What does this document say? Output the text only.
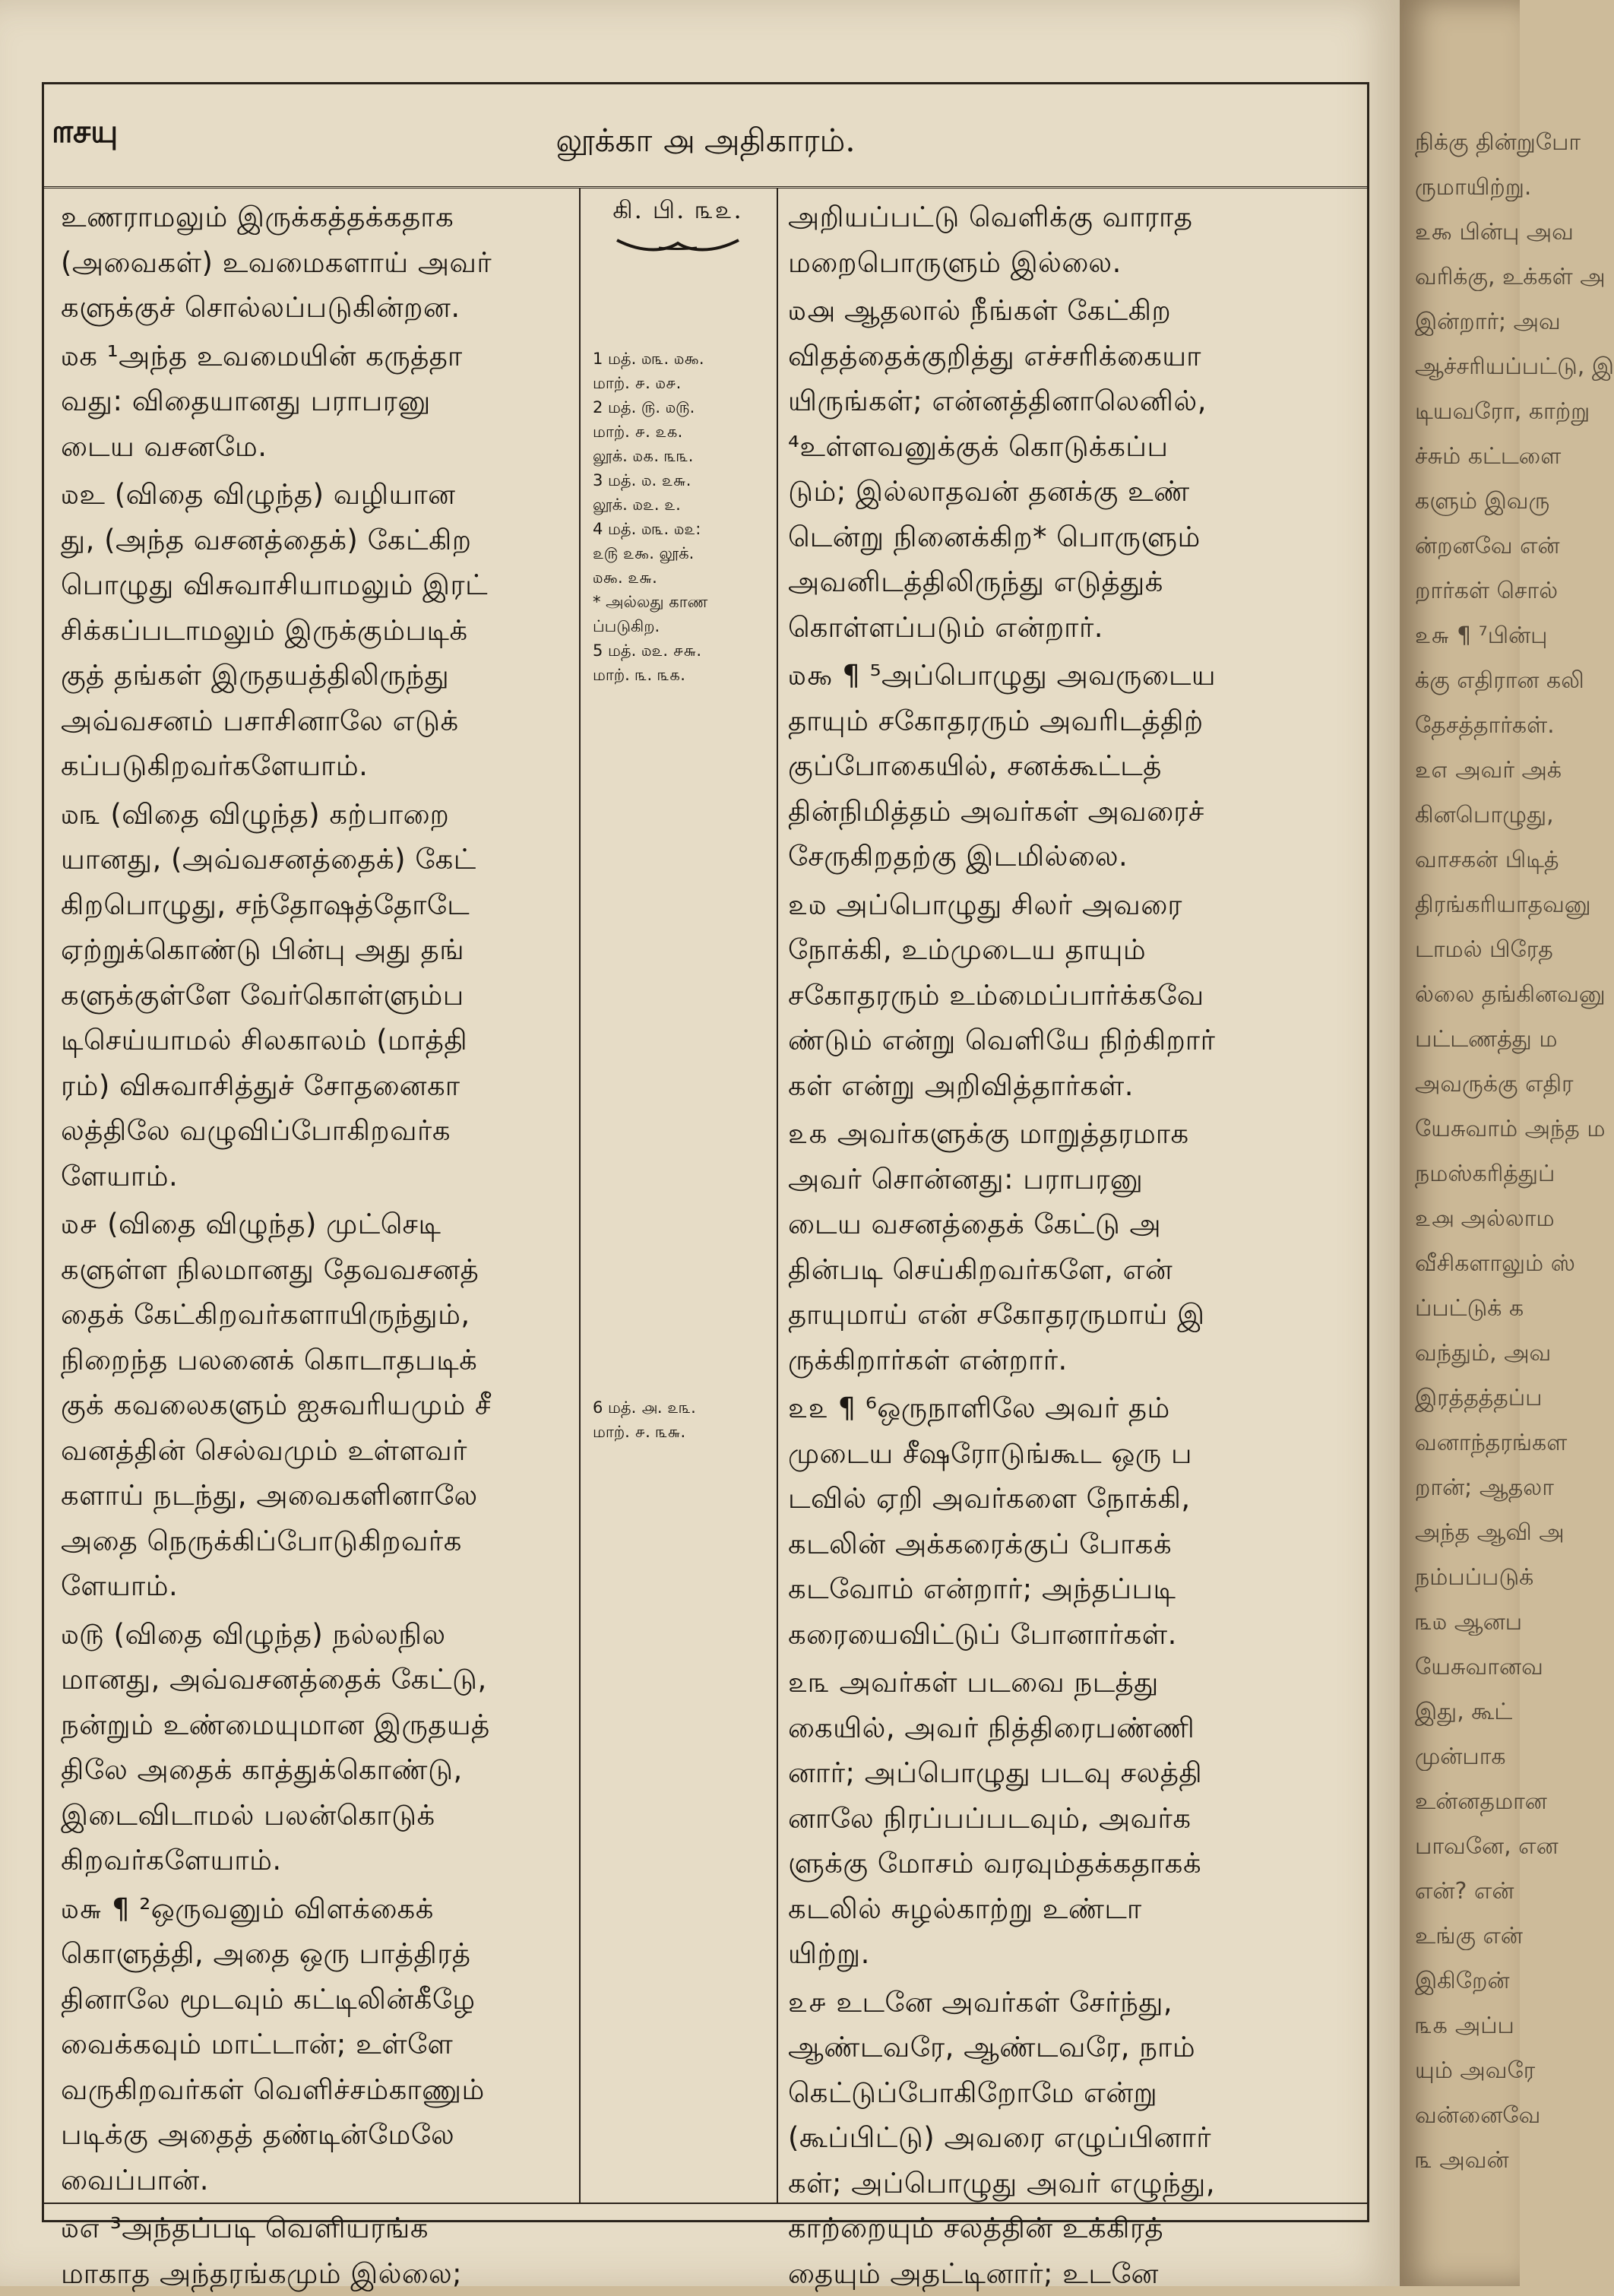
நிக்கு தின்றுபோ
ருமாயிற்று.
௨௯ பின்பு அவ
வரிக்கு, உக்கள் அ
இன்றார்; அவ
ஆச்சரியப்பட்டு, இ
டியவரோ, காற்று
ச்சும் கட்டளை
களும் இவரு
ன்றனவே என்
றார்கள் சொல்
௨௬ ¶ ⁷பின்பு
க்கு எதிரான கலி
தேசத்தார்கள்.
௨௭ அவர் அக்
கினபொழுது,
வாசகன் பிடித்
திரங்கரியாதவனு
டாமல் பிரேத
ல்லை தங்கினவனு
பட்டணத்து ம
அவருக்கு எதிர
யேசுவாம் அந்த ம
நமஸ்கரித்துப்
௨௮ அல்லாம
வீசிகளாலும் ஸ்
ப்பட்டுக் க
வந்தும், அவ
இரத்தத்தப்ப
வனாந்தரங்கள
றான்; ஆதலா
அந்த ஆவி அ
நம்பப்படுக்
௩௰ ஆனப
யேசுவானவ
இது, கூட்
முன்பாக
உன்னதமான
பாவனே, என
என்? என்
உங்கு என்
இகிறேன்
௩௧ அப்ப
யும் அவரே
வன்னைவே
௩ அவன்
௱சயு	லூக்கா ௮ அதிகாரம்.
உணராமலும் இருக்கத்தக்கதாக
(அவைகள்) உவமைகளாய் அவர்
களுக்குச் சொல்லப்படுகின்றன.
௰க ¹அந்த உவமையின் கருத்தா
வது: விதையானது பராபரனு
டைய வசனமே.
௰உ (விதை விழுந்த) வழியான
து, (அந்த வசனத்தைக்) கேட்கிற
பொழுது விசுவாசியாமலும் இரட்
சிக்கப்படாமலும் இருக்கும்படிக்
குத் தங்கள் இருதயத்திலிருந்து
அவ்வசனம் பசாசினாலே எடுக்
கப்படுகிறவர்களேயாம்.
௰௩ (விதை விழுந்த) கற்பாறை
யானது, (அவ்வசனத்தைக்) கேட்
கிறபொழுது, சந்தோஷத்தோடே
ஏற்றுக்கொண்டு பின்பு அது தங்
களுக்குள்ளே வேர்கொள்ளும்ப
டிசெய்யாமல் சிலகாலம் (மாத்தி
ரம்) விசுவாசித்துச் சோதனைகா
லத்திலே வழுவிப்போகிறவர்க
ளேயாம்.
௰௪ (விதை விழுந்த) முட்செடி
களுள்ள நிலமானது தேவவசனத்
தைக் கேட்கிறவர்களாயிருந்தும்,
நிறைந்த பலனைக் கொடாதபடிக்
குக் கவலைகளும் ஐசுவரியமும் சீ
வனத்தின் செல்வமும் உள்ளவர்
களாய் நடந்து, அவைகளினாலே
அதை நெருக்கிப்போடுகிறவர்க
ளேயாம்.
௰௫ (விதை விழுந்த) நல்லநில
மானது, அவ்வசனத்தைக் கேட்டு,
நன்றும் உண்மையுமான இருதயத்
திலே அதைக் காத்துக்கொண்டு,
இடைவிடாமல் பலன்கொடுக்
கிறவர்களேயாம்.
௰௬ ¶ ²ஒருவனும் விளக்கைக்
கொளுத்தி, அதை ஒரு பாத்திரத்
தினாலே மூடவும் கட்டிலின்கீழே
வைக்கவும் மாட்டான்; உள்ளே
வருகிறவர்கள் வெளிச்சம்காணும்
படிக்கு அதைத் தண்டின்மேலே
வைப்பான்.
௰௭ ³அந்தப்படி வெளியரங்க
மாகாத அந்தரங்கமும் இல்லை;
கி. பி. ௩௨.
1 மத். ௰௩. ௰௯.
மாற். ௪. ௰௪.
2 மத். ௫. ௰௫.
மாற். ௪. ௨௧.
லூக். ௰௧. ௩௩.
3 மத். ௰. ௨௬.
லூக். ௰௨. ௨.
4 மத். ௰௩. ௰௨:
௨௫ ௨௯. லூக்.
௰௯. ௨௬.
* அல்லது காண
ப்படுகிற.
5 மத். ௰௨. ௪௬.
மாற். ௩. ௩௧.
6 மத். ௮. ௨௩.
மாற். ௪. ௩௬.
அறியப்பட்டு வெளிக்கு வாராத
மறைபொருளும் இல்லை.
௰௮ ஆதலால் நீங்கள் கேட்கிற
விதத்தைக்குறித்து எச்சரிக்கையா
யிருங்கள்; என்னத்தினாலெனில்,
⁴உள்ளவனுக்குக் கொடுக்கப்ப
டும்; இல்லாதவன் தனக்கு உண்
டென்று நினைக்கிற* பொருளும்
அவனிடத்திலிருந்து எடுத்துக்
கொள்ளப்படும் என்றார்.
௰௯ ¶ ⁵அப்பொழுது அவருடைய
தாயும் சகோதரரும் அவரிடத்திற்
குப்போகையில், சனக்கூட்டத்
தின்நிமித்தம் அவர்கள் அவரைச்
சேருகிறதற்கு இடமில்லை.
௨௰ அப்பொழுது சிலர் அவரை
நோக்கி, உம்முடைய தாயும்
சகோதரரும் உம்மைப்பார்க்கவே
ண்டும் என்று வெளியே நிற்கிறார்
கள் என்று அறிவித்தார்கள்.
௨௧ அவர்களுக்கு மாறுத்தரமாக
அவர் சொன்னது: பராபரனு
டைய வசனத்தைக் கேட்டு அ
தின்படி செய்கிறவர்களே, என்
தாயுமாய் என் சகோதரருமாய் இ
ருக்கிறார்கள் என்றார்.
௨௨ ¶ ⁶ஒருநாளிலே அவர் தம்
முடைய சீஷரோடுங்கூட ஒரு ப
டவில் ஏறி அவர்களை நோக்கி,
கடலின் அக்கரைக்குப் போகக்
கடவோம் என்றார்; அந்தப்படி
கரையைவிட்டுப் போனார்கள்.
௨௩ அவர்கள் படவை நடத்து
கையில், அவர் நித்திரைபண்ணி
னார்; அப்பொழுது படவு சலத்தி
னாலே நிரப்பப்படவும், அவர்க
ளுக்கு மோசம் வரவும்தக்கதாகக்
கடலில் சுழல்காற்று உண்டா
யிற்று.
௨௪ உடனே அவர்கள் சேர்ந்து,
ஆண்டவரே, ஆண்டவரே, நாம்
கெட்டுப்போகிறோமே என்று
(கூப்பிட்டு) அவரை எழுப்பினார்
கள்; அப்பொழுது அவர் எழுந்து,
காற்றையும் சலத்தின் உக்கிரத்
தையும் அதட்டினார்; உடனே
